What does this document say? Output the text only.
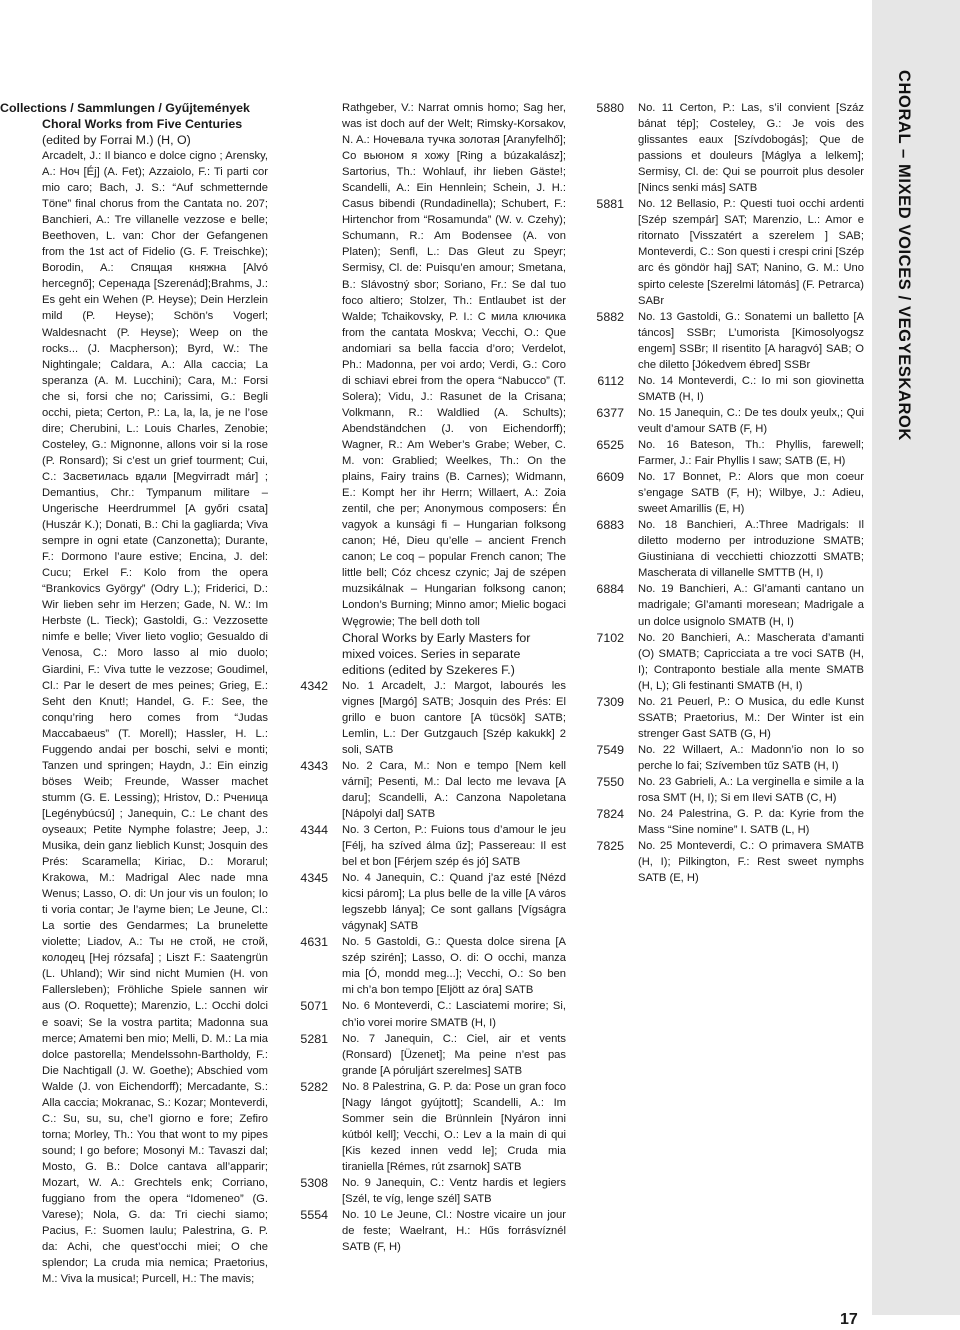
CHORAL – MIXED VOICES / VEGYESKAROK

Collections / Sammlungen / Gyűjtemények

Choral Works from Five Centuries

(edited by Forrai M.) (H, O)

Arcadelt, J.: Il bianco e dolce cigno ; Arensky, A.: Ноч [Éj] (A. Fet); Azzaiolo, F.: Ti parti cor mio caro; Bach, J. S.: “Auf schmetternde Töne” final chorus from the Cantata no. 207; Banchieri, A.: Tre villanelle vezzose e belle; Beethoven, L. van: Chor der Gefangenen from the 1st act of Fidelio (G. F. Treischke); Borodin, A.: Спящая княжна [Alvó hercegnő]; Серенада [Szerenád];Brahms, J.: Es geht ein Wehen (P. Heyse); Dein Herzlein mild (P. Heyse); Schön’s Vogerl; Waldesnacht (P. Heyse); Weep on the rocks... (J. Macpherson); Byrd, W.: The Nightingale; Caldara, A.: Alla caccia; La speranza (A. M. Lucchini); Cara, M.: Forsi che si, forsi che no; Carissimi, G.: Begli occhi, pieta; Certon, P.: La, la, la, je ne l’ose dire; Cherubini, L.: Louis Charles, Zenobie; Costeley, G.: Mignonne, allons voir si la rose (P. Ronsard); Si c’est un grief tourment; Cui, C.: Засветилась вдали [Megvirradt már] ; Demantius, Chr.: Tympanum militare – Ungerische Heerdrummel [A győri csata] (Huszár K.); Donati, B.: Chi la gagliarda; Viva sempre in ogni etate (Canzonetta); Durante, F.: Dormono l’aure estive; Encina, J. del: Cucu; Erkel F.: Kolo from the opera “Brankovics György” (Odry L.); Friderici, D.: Wir lieben sehr im Herzen; Gade, N. W.: Im Herbste (L. Tieck); Gastoldi, G.: Vezzosette nimfe e belle; Viver lieto voglio; Gesualdo di Venosa, C.: Moro lasso al mio duolo; Giardini, F.: Viva tutte le vezzose; Goudimel, Cl.: Par le desert de mes peines; Grieg, E.: Seht den Knut!; Handel, G. F.: See, the conqu’ring hero comes from “Judas Maccabaeus” (T. Morell); Hassler, H. L.: Fuggendo andai per boschi, selvi e monti; Tanzen und springen; Haydn, J.: Ein einzig böses Weib; Freunde, Wasser machet stumm (G. E. Lessing); Hristov, D.: Рченица [Legénybúcsú] ; Janequin, C.: Le chant des oyseaux; Petite Nymphe folastre; Jeep, J.: Musika, dein ganz lieblich Kunst; Josquin des Prés: Scaramella; Kiriac, D.: Morarul; Krakowa, M.: Madrigal Alec nade mna Wenus; Lasso, O. di: Un jour vis un foulon; Io ti voria contar; Je l’ayme bien; Le Jeune, Cl.: La sortie des Gendarmes; La brunelette violette; Liadov, A.: Ты не стой, не стой, колодец [Hej rózsafa] ; Liszt F.: Saatengrün (L. Uhland); Wir sind nicht Mumien (H. von Fallersleben); Fröhliche Spiele sannen wir aus (O. Roquette); Marenzio, L.: Occhi dolci e soavi; Se la vostra partita; Madonna sua merce; Amatemi ben mio; Melli, D. M.: La mia dolce pastorella; Mendelssohn-Bartholdy, F.: Die Nachtigall (J. W. Goethe); Abschied vom Walde (J. von Eichendorff); Mercadante, S.: Alla caccia; Mokranac, S.: Kozar; Monteverdi, C.: Su, su, su, che’l giorno e fore; Zefiro torna; Morley, Th.: You that wont to my pipes sound; I go before; Mosonyi M.: Tavaszi dal; Mosto, G. B.: Dolce cantava all’apparir; Mozart, W. A.: Grechtels enk; Corriano, fuggiano from the opera “Idomeneo” (G. Varese); Nola, G. da: Tri ciechi siamo; Pacius, F.: Suomen laulu; Palestrina, G. P. da: Achi, che quest’occhi miei; O che splendor; La cruda mia nemica; Praetorius, M.: Viva la musica!; Purcell, H.: The mavis;

Rathgeber, V.: Narrat omnis homo; Sag her, was ist doch auf der Welt; Rimsky-Korsakov, N. A.: Ночевала тучка золотая [Aranyfelhő]; Со вьюном я хожу [Ring a búzakalász]; Sartorius, Th.: Wohlauf, ihr lieben Gäste!; Scandelli, A.: Ein Hennlein; Schein, J. H.: Casus bibendi (Rundadinella); Schubert, F.: Hirtenchor from “Rosamunda” (W. v. Czehy); Schumann, R.: Am Bodensee (A. von Platen); Senfl, L.: Das Gleut zu Speyr; Sermisy, Cl. de: Puisqu’en amour; Smetana, B.: Slávostný sbor; Soriano, Fr.: Se dal tuo foco altiero; Stolzer, Th.: Entlaubet ist der Walde; Tchaikovsky, P. I.: С мила ключика from the cantata Moskva; Vecchi, O.: Que andomiari sa bella faccia d’oro; Verdelot, Ph.: Madonna, per voi ardo; Verdi, G.: Coro di schiavi ebrei from the opera “Nabucco” (T. Solera); Vidu, J.: Rasunet de la Crisana; Volkmann, R.: Waldlied (A. Schults); Abendständchen (J. von Eichendorff); Wagner, R.: Am Weber’s Grabe; Weber, C. M. von: Grablied; Weelkes, Th.: On the plains, Fairy trains (B. Carnes); Widmann, E.: Kompt her ihr Herrn; Willaert, A.: Zoia zentil, che per; Anonymous composers: Én vagyok a kunsági fi – Hungarian folksong canon; Hé, Dieu qu’elle – ancient French canon; Le coq – popular French canon; The little bell; Cóz chcesz czynic; Jaj de szépen muzsikálnak – Hungarian folksong canon; London’s Burning; Minno amor; Mielic bogaci Węgrowie; The bell doth toll

Choral Works by Early Masters for mixed voices. Series in separate editions (edited by Szekeres F.)

4342	No. 1 Arcadelt, J.: Margot, labourés les vignes [Margó] SATB; Josquin des Prés: El grillo e buon cantore [A tücsök] SATB; Lemlin, L.: Der Gutzgauch [Szép kakukk] 2 soli, SATB
4343	No. 2 Cara, M.: Non e tempo [Nem kell várni]; Pesenti, M.: Dal lecto me levava [A daru]; Scandelli, A.: Canzona Napoletana [Nápolyi dal] SATB
4344	No. 3 Certon, P.: Fuions tous d’amour le jeu [Félj, ha szíved álma űz]; Passereau: Il est bel et bon [Férjem szép és jó] SATB
4345	No. 4 Janequin, C.: Quand j’az esté [Nézd kicsi párom]; La plus belle de la ville [A város legszebb lánya]; Ce sont gallans [Vígságra vágynak] SATB
4631	No. 5 Gastoldi, G.: Questa dolce sirena [A szép szirén]; Lasso, O. di: O occhi, manza mia [Ó, mondd meg...]; Vecchi, O.: So ben mi ch’a bon tempo [Eljött az óra] SATB
5071	No. 6 Monteverdi, C.: Lasciatemi morire; Si, ch’io vorei morire SMATB (H, I)
5281	No. 7 Janequin, C.: Ciel, air et vents (Ronsard) [Üzenet]; Ma peine n’est pas grande [A póruljárt szerelmes] SATB
5282	No. 8 Palestrina, G. P. da: Pose un gran foco [Nagy lángot gyújtott]; Scandelli, A.: Im Sommer sein die Brünnlein [Nyáron inni kútból kell]; Vecchi, O.: Lev a la main di qui [Kis kezed innen vedd le]; Cruda mia tiraniella [Rémes, rút zsarnok] SATB
5308	No. 9 Janequin, C.: Ventz hardis et legiers [Szél, te víg, lenge szél] SATB
5554	No. 10 Le Jeune, Cl.: Nostre vicaire un jour de feste; Waelrant, H.: Hűs forrásvíznél SATB (F, H)
5880	No. 11 Certon, P.: Las, s’il convient [Száz bánat tép]; Costeley, G.: Je vois des glissantes eaux [Szívdobogás]; Que de passions et douleurs [Máglya a lelkem]; Sermisy, Cl. de: Qui se pourroit plus desoler [Nincs senki más] SATB
5881	No. 12 Bellasio, P.: Questi tuoi occhi ardenti [Szép szempár] SAT; Marenzio, L.: Amor e ritornato [Visszatért a szerelem ] SAB; Monteverdi, C.: Son questi i crespi crini [Szép arc és göndör haj] SAT; Nanino, G. M.: Uno spirto celeste [Szerelmi látomás] (F. Petrarca) SABr
5882	No. 13 Gastoldi, G.: Sonatemi un balletto [A táncos] SSBr; L’umorista [Kimosolyogsz engem] SSBr; Il risentito [A haragvó] SAB; O che diletto [Jókedvem ébred] SSBr
6112	No. 14 Monteverdi, C.: Io mi son giovinetta SMATB (H, I)
6377	No. 15 Janequin, C.: De tes doulx yeulx,; Qui veult d’amour SATB (F, H)
6525	No. 16 Bateson, Th.: Phyllis, farewell; Farmer, J.: Fair Phyllis I saw; SATB (E, H)
6609	No. 17 Bonnet, P.: Alors que mon coeur s’engage SATB (F, H); Wilbye, J.: Adieu, sweet Amarillis (E, H)
6883	No. 18 Banchieri, A.:Three Madrigals: Il diletto moderno per introduzione SMATB; Giustiniana di vecchietti chiozzotti SMATB; Mascherata di villanelle SMTTB (H, I)
6884	No. 19 Banchieri, A.: Gl’amanti cantano un madrigale; Gl’amanti moresean; Madrigale a un dolce usignolo SMATB (H, I)
7102	No. 20 Banchieri, A.: Mascherata d’amanti (O) SMATB; Capricciata a tre voci SATB (H, I); Contraponto bestiale alla mente SMATB (H, L); Gli festinanti SMATB (H, I)
7309	No. 21 Peuerl, P.: O Musica, du edle Kunst SSATB; Praetorius, M.: Der Winter ist ein strenger Gast SATB (G, H)
7549	No. 22 Willaert, A.: Madonn’io non lo so perche lo fai; Szívemben tűz SATB (H, I)
7550	No. 23 Gabrieli, A.: La verginella e simile a la rosa SMT (H, I); Si em Ilevi SATB (C, H)
7824	No. 24 Palestrina, G. P. da: Kyrie from the Mass “Sine nomine” I. SATB (L, H)
7825	No. 25 Monteverdi, C.: O primavera SMATB (H, I); Pilkington, F.: Rest sweet nymphs SATB (E, H)
17
